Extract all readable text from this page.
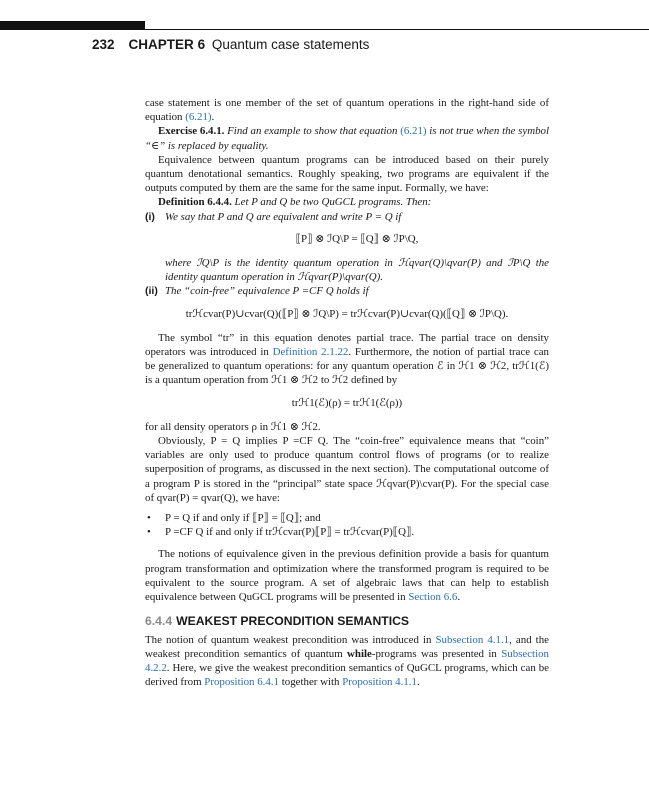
232 CHAPTER 6 Quantum case statements

case statement is one member of the set of quantum operations in the right-hand side of equation (6.21).

Exercise 6.4.1. Find an example to show that equation (6.21) is not true when the symbol “∈” is replaced by equality.

Equivalence between quantum programs can be introduced based on their purely quantum denotational semantics. Roughly speaking, two programs are equivalent if the outputs computed by them are the same for the same input. Formally, we have:

Definition 6.4.4. Let P and Q be two QuGCL programs. Then:

(i) We say that P and Q are equivalent and write P = Q if
⟦P⟧ ⊗ ℐQ\P = ⟦Q⟧ ⊗ ℐP\Q,
where ℐQ\P is the identity quantum operation in ℋqvar(Q)\qvar(P) and ℐP\Q the identity quantum operation in ℋqvar(P)\qvar(Q).
(ii) The “coin-free” equivalence P =CF Q holds if
trℋcvar(P)∪cvar(Q)(⟦P⟧ ⊗ ℐQ\P) = trℋcvar(P)∪cvar(Q)(⟦Q⟧ ⊗ ℐP\Q).

The symbol “tr” in this equation denotes partial trace. The partial trace on density operators was introduced in Definition 2.1.22. Furthermore, the notion of partial trace can be generalized to quantum operations: for any quantum operation ℰ in ℋ1 ⊗ ℋ2, trℋ1(ℰ) is a quantum operation from ℋ1 ⊗ ℋ2 to ℋ2 defined by

trℋ1(ℰ)(ρ) = trℋ1(ℰ(ρ))

for all density operators ρ in ℋ1 ⊗ ℋ2.

Obviously, P = Q implies P =CF Q. The “coin-free” equivalence means that “coin” variables are only used to produce quantum control flows of programs (or to realize superposition of programs, as discussed in the next section). The computational outcome of a program P is stored in the “principal” state space ℋqvar(P)\cvar(P). For the special case of qvar(P) = qvar(Q), we have:

• P = Q if and only if ⟦P⟧ = ⟦Q⟧; and
• P =CF Q if and only if trℋcvar(P)⟦P⟧ = trℋcvar(P)⟦Q⟧.

The notions of equivalence given in the previous definition provide a basis for quantum program transformation and optimization where the transformed program is required to be equivalent to the source program. A set of algebraic laws that can help to establish equivalence between QuGCL programs will be presented in Section 6.6.

6.4.4 WEAKEST PRECONDITION SEMANTICS

The notion of quantum weakest precondition was introduced in Subsection 4.1.1, and the weakest precondition semantics of quantum while-programs was presented in Subsection 4.2.2. Here, we give the weakest precondition semantics of QuGCL programs, which can be derived from Proposition 6.4.1 together with Proposition 4.1.1.
